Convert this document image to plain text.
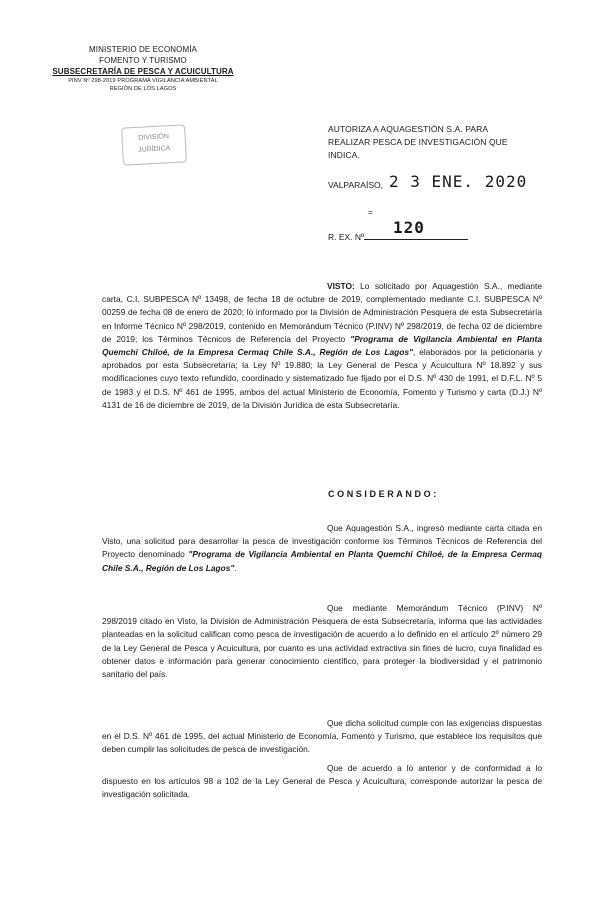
MINISTERIO DE ECONOMÍA
FOMENTO Y TURISMO
SUBSECRETARÍA DE PESCA Y ACUICULTURA
PINV Nº 298-2019 PROGRAMA VIGILANCIA AMBIENTAL
REGIÓN DE LOS LAGOS
DIVISIÓN
JURÍDICA
AUTORIZA A AQUAGESTIÓN S.A. PARA REALIZAR PESCA DE INVESTIGACIÓN QUE INDICA.
VALPARAÍSO, 2 3 ENE. 2020
=
R. EX. Nº 120
VISTO: Lo solicitado por Aquagestión S.A., mediante carta, C.I. SUBPESCA Nº 13498, de fecha 18 de octubre de 2019, complementado mediante C.I. SUBPESCA Nº 00259 de fecha 08 de enero de 2020; lo informado por la División de Administración Pesquera de esta Subsecretaría en Informe Técnico Nº 298/2019, contenido en Memorándum Técnico (P.INV) Nº 298/2019, de fecha 02 de diciembre de 2019; los Términos Técnicos de Referencia del Proyecto "Programa de Vigilancia Ambiental en Planta Quemchi Chiloé, de la Empresa Cermaq Chile S.A., Región de Los Lagos", elaborados por la peticionaria y aprobados por esta Subsecretaría; la Ley Nº 19.880; la Ley General de Pesca y Acuicultura Nº 18.892 y sus modificaciones cuyo texto refundido, coordinado y sistematizado fue fijado por el D.S. Nº 430 de 1991, el D.F.L. Nº 5 de 1983 y el D.S. Nº 461 de 1995, ambos del actual Ministerio de Economía, Fomento y Turismo y carta (D.J.) Nº 4131 de 16 de diciembre de 2019, de la División Jurídica de esta Subsecretaría.
CONSIDERANDO:
Que Aquagestión S.A., ingresó mediante carta citada en Visto, una solicitud para desarrollar la pesca de investigación conforme los Términos Técnicos de Referencia del Proyecto denominado "Programa de Vigilancia Ambiental en Planta Quemchi Chiloé, de la Empresa Cermaq Chile S.A., Región de Los Lagos".
Que mediante Memorándum Técnico (P.INV) Nº 298/2019 citado en Visto, la División de Administración Pesquera de esta Subsecretaría, informa que las actividades planteadas en la solicitud califican como pesca de investigación de acuerdo a lo definido en el artículo 2º número 29 de la Ley General de Pesca y Acuicultura, por cuanto es una actividad extractiva sin fines de lucro, cuya finalidad es obtener datos e información para generar conocimiento científico, para proteger la biodiversidad y el patrimonio sanitario del país.
Que dicha solicitud cumple con las exigencias dispuestas en el D.S. Nº 461 de 1995, del actual Ministerio de Economía, Fomento y Turismo, que establece los requisitos que deben cumplir las solicitudes de pesca de investigación.
Que de acuerdo a lo anterior y de conformidad a lo dispuesto en los artículos 98 a 102 de la Ley General de Pesca y Acuicultura, corresponde autorizar la pesca de investigación solicitada.
